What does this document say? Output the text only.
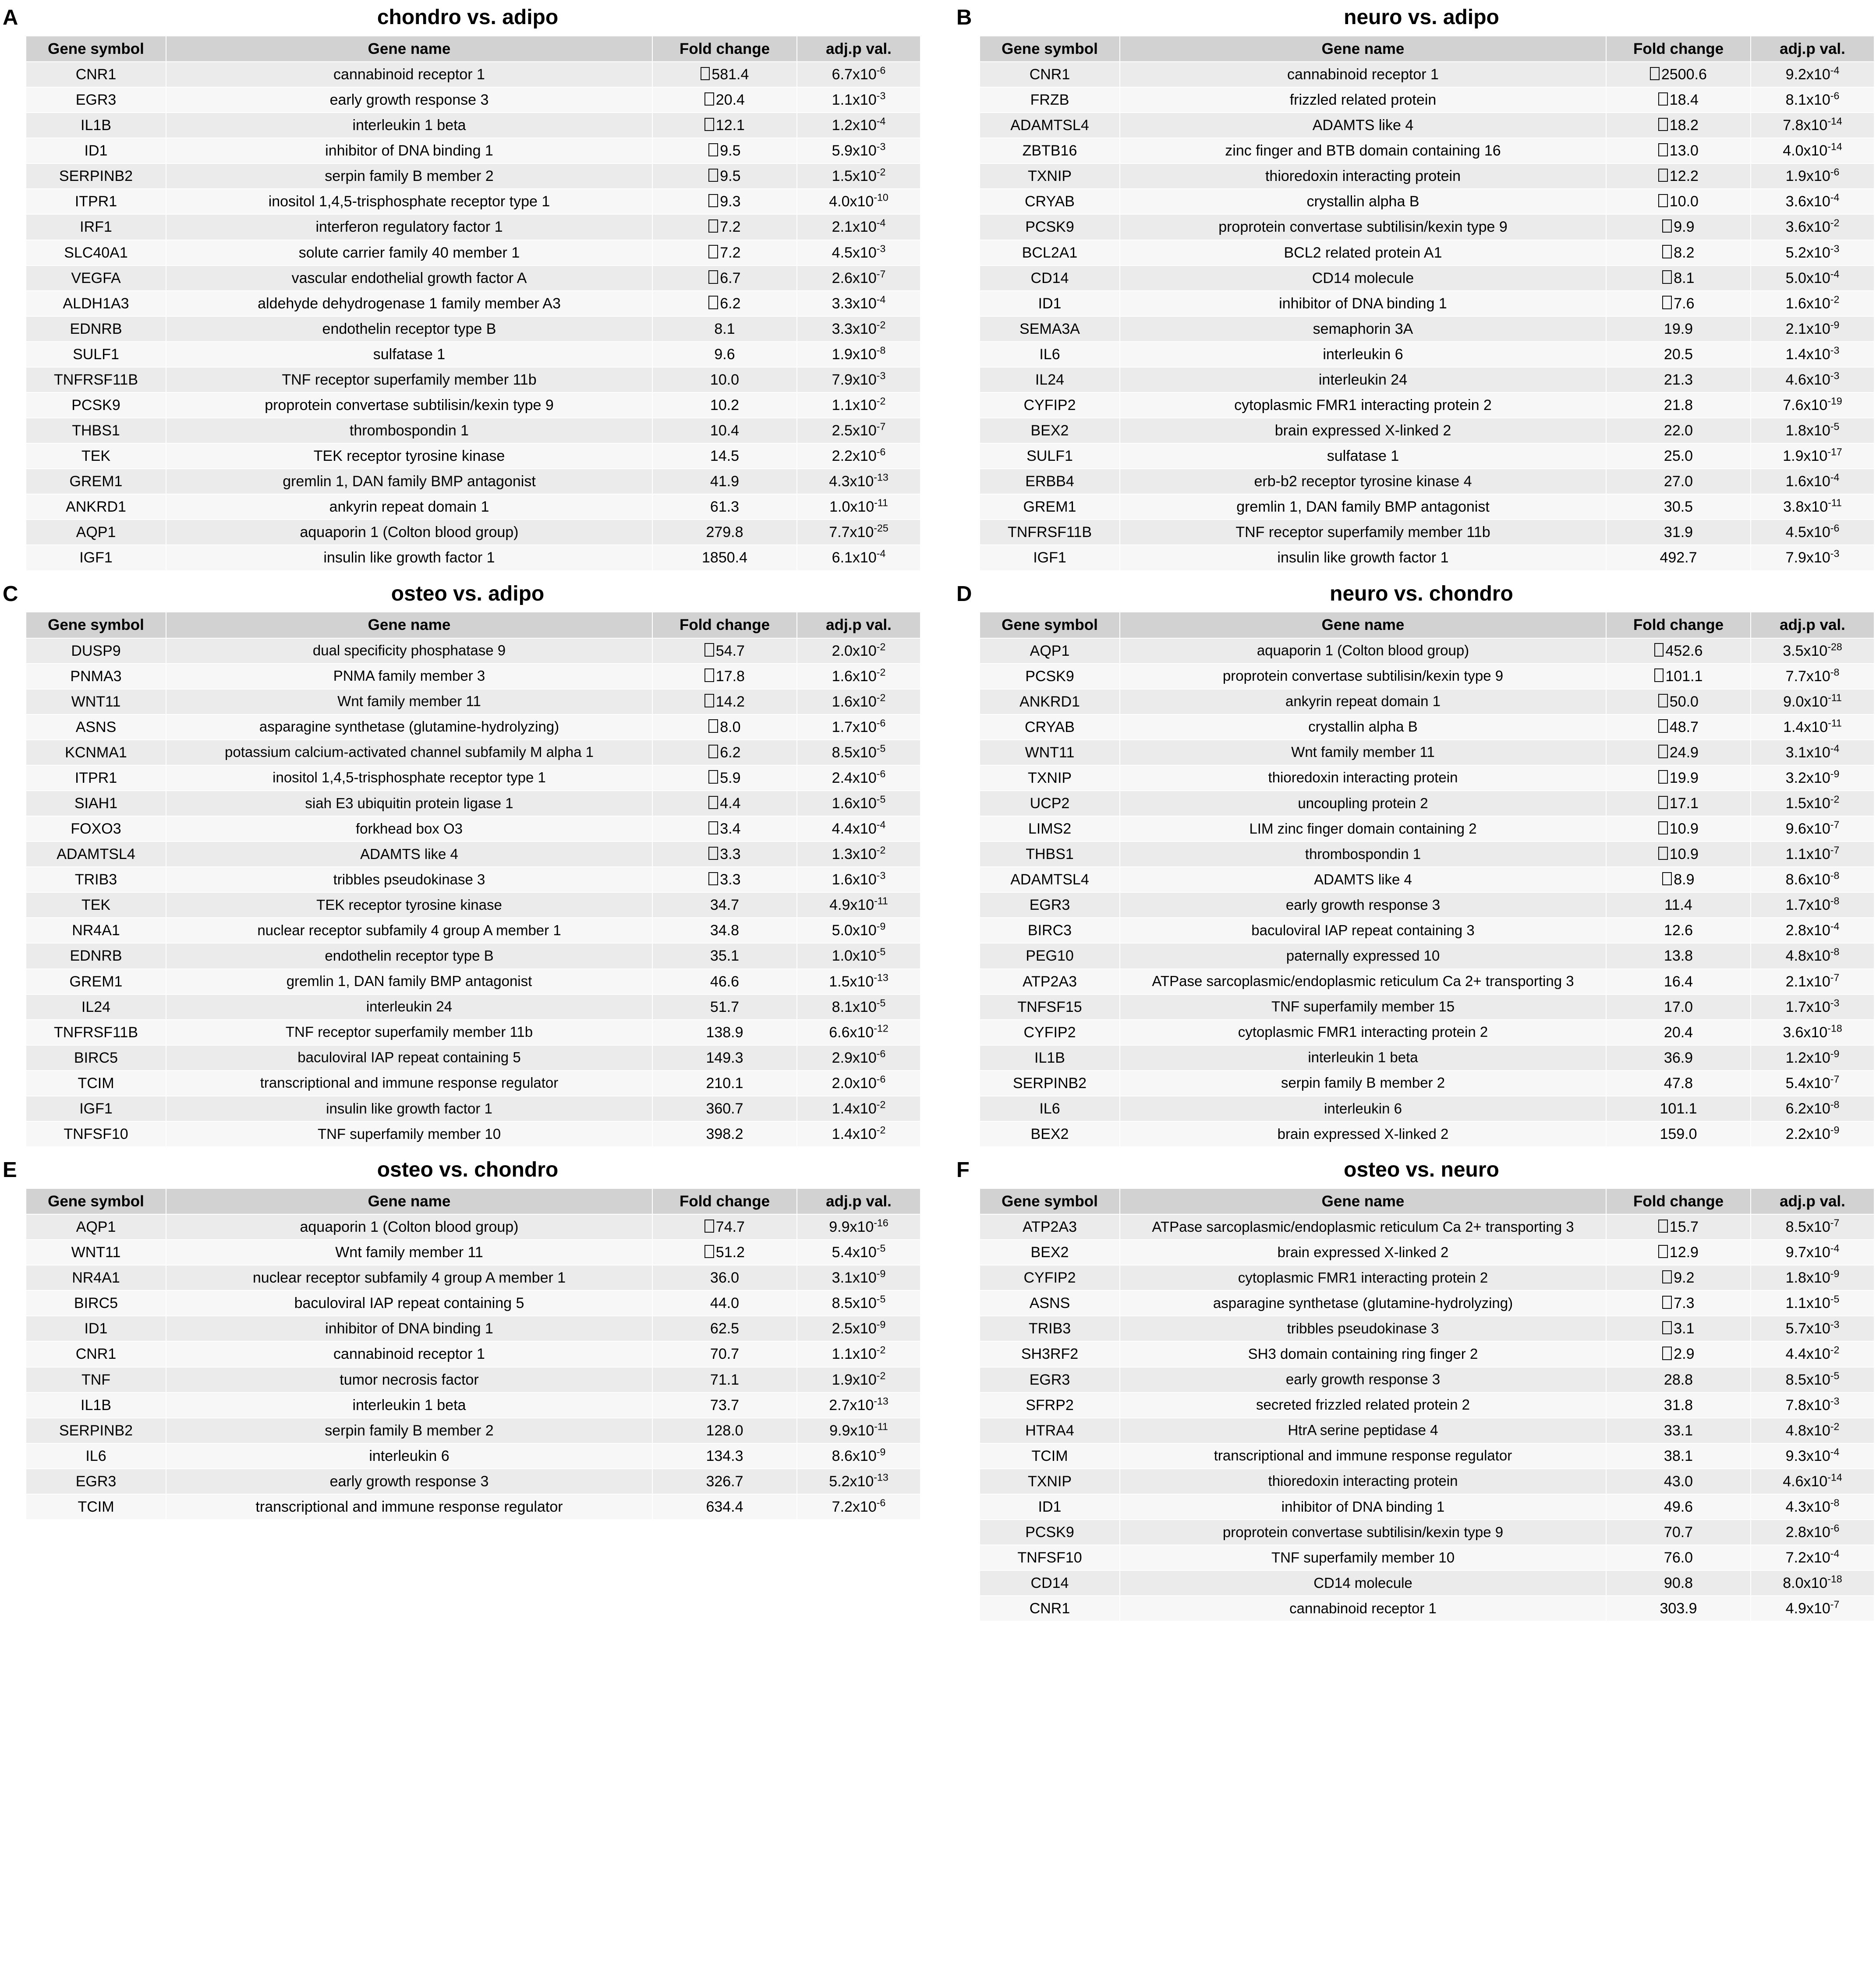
A	chondro vs. adipo
Gene symbol	Gene name	Fold change	adj.p val.
CNR1	cannabinoid receptor 1	581.4	$6.7x10^{-6}$
EGR3	early growth response 3	20.4	$1.1x10^{-3}$
IL1B	interleukin 1 beta	12.1	$1.2x10^{-4}$
ID1	inhibitor of DNA binding 1	9.5	$5.9x10^{-3}$
SERPINB2	serpin family B member 2	9.5	$1.5x10^{-2}$
ITPR1	inositol 1,4,5‐trisphosphate receptor type 1	9.3	$4.0x10^{-10}$
IRF1	interferon regulatory factor 1	7.2	$2.1x10^{-4}$
SLC40A1	solute carrier family 40 member 1	7.2	$4.5x10^{-3}$
VEGFA	vascular endothelial growth factor A	6.7	$2.6x10^{-7}$
ALDH1A3	aldehyde dehydrogenase 1 family member A3	6.2	$3.3x10^{-4}$
EDNRB	endothelin receptor type B	8.1	$3.3x10^{-2}$
SULF1	sulfatase 1	9.6	$1.9x10^{-8}$
TNFRSF11B	TNF receptor superfamily member 11b	10.0	$7.9x10^{-3}$
PCSK9	proprotein convertase subtilisin/kexin type 9	10.2	$1.1x10^{-2}$
THBS1	thrombospondin 1	10.4	$2.5x10^{-7}$
TEK	TEK receptor tyrosine kinase	14.5	$2.2x10^{-6}$
GREM1	gremlin 1, DAN family BMP antagonist	41.9	$4.3x10^{-13}$
ANKRD1	ankyrin repeat domain 1	61.3	$1.0x10^{-11}$
AQP1	aquaporin 1 (Colton blood group)	279.8	$7.7x10^{-25}$
IGF1	insulin like growth factor 1	1850.4	$6.1x10^{-4}$
B	neuro vs. adipo
Gene symbol	Gene name	Fold change	adj.p val.
CNR1	cannabinoid receptor 1	2500.6	$9.2x10^{-4}$
FRZB	frizzled related protein	18.4	$8.1x10^{-6}$
ADAMTSL4	ADAMTS like 4	18.2	$7.8x10^{-14}$
ZBTB16	zinc finger and BTB domain containing 16	13.0	$4.0x10^{-14}$
TXNIP	thioredoxin interacting protein	12.2	$1.9x10^{-6}$
CRYAB	crystallin alpha B	10.0	$3.6x10^{-4}$
PCSK9	proprotein convertase subtilisin/kexin type 9	9.9	$3.6x10^{-2}$
BCL2A1	BCL2 related protein A1	8.2	$5.2x10^{-3}$
CD14	CD14 molecule	8.1	$5.0x10^{-4}$
ID1	inhibitor of DNA binding 1	7.6	$1.6x10^{-2}$
SEMA3A	semaphorin 3A	19.9	$2.1x10^{-9}$
IL6	interleukin 6	20.5	$1.4x10^{-3}$
IL24	interleukin 24	21.3	$4.6x10^{-3}$
CYFIP2	cytoplasmic FMR1 interacting protein 2	21.8	$7.6x10^{-19}$
BEX2	brain expressed X‐linked 2	22.0	$1.8x10^{-5}$
SULF1	sulfatase 1	25.0	$1.9x10^{-17}$
ERBB4	erb‐b2 receptor tyrosine kinase 4	27.0	$1.6x10^{-4}$
GREM1	gremlin 1, DAN family BMP antagonist	30.5	$3.8x10^{-11}$
TNFRSF11B	TNF receptor superfamily member 11b	31.9	$4.5x10^{-6}$
IGF1	insulin like growth factor 1	492.7	$7.9x10^{-3}$
C	osteo vs. adipo
Gene symbol	Gene name	Fold change	adj.p val.
DUSP9	dual specificity phosphatase 9	54.7	$2.0x10^{-2}$
PNMA3	PNMA family member 3	17.8	$1.6x10^{-2}$
WNT11	Wnt family member 11	14.2	$1.6x10^{-2}$
ASNS	asparagine synthetase (glutamine‐hydrolyzing)	8.0	$1.7x10^{-6}$
KCNMA1	potassium calcium‐activated channel subfamily M alpha 1	6.2	$8.5x10^{-5}$
ITPR1	inositol 1,4,5‐trisphosphate receptor type 1	5.9	$2.4x10^{-6}$
SIAH1	siah E3 ubiquitin protein ligase 1	4.4	$1.6x10^{-5}$
FOXO3	forkhead box O3	3.4	$4.4x10^{-4}$
ADAMTSL4	ADAMTS like 4	3.3	$1.3x10^{-2}$
TRIB3	tribbles pseudokinase 3	3.3	$1.6x10^{-3}$
TEK	TEK receptor tyrosine kinase	34.7	$4.9x10^{-11}$
NR4A1	nuclear receptor subfamily 4 group A member 1	34.8	$5.0x10^{-9}$
EDNRB	endothelin receptor type B	35.1	$1.0x10^{-5}$
GREM1	gremlin 1, DAN family BMP antagonist	46.6	$1.5x10^{-13}$
IL24	interleukin 24	51.7	$8.1x10^{-5}$
TNFRSF11B	TNF receptor superfamily member 11b	138.9	$6.6x10^{-12}$
BIRC5	baculoviral IAP repeat containing 5	149.3	$2.9x10^{-6}$
TCIM	transcriptional and immune response regulator	210.1	$2.0x10^{-6}$
IGF1	insulin like growth factor 1	360.7	$1.4x10^{-2}$
TNFSF10	TNF superfamily member 10	398.2	$1.4x10^{-2}$
D	neuro vs. chondro
Gene symbol	Gene name	Fold change	adj.p val.
AQP1	aquaporin 1 (Colton blood group)	452.6	$3.5x10^{-28}$
PCSK9	proprotein convertase subtilisin/kexin type 9	101.1	$7.7x10^{-8}$
ANKRD1	ankyrin repeat domain 1	50.0	$9.0x10^{-11}$
CRYAB	crystallin alpha B	48.7	$1.4x10^{-11}$
WNT11	Wnt family member 11	24.9	$3.1x10^{-4}$
TXNIP	thioredoxin interacting protein	19.9	$3.2x10^{-9}$
UCP2	uncoupling protein 2	17.1	$1.5x10^{-2}$
LIMS2	LIM zinc finger domain containing 2	10.9	$9.6x10^{-7}$
THBS1	thrombospondin 1	10.9	$1.1x10^{-7}$
ADAMTSL4	ADAMTS like 4	8.9	$8.6x10^{-8}$
EGR3	early growth response 3	11.4	$1.7x10^{-8}$
BIRC3	baculoviral IAP repeat containing 3	12.6	$2.8x10^{-4}$
PEG10	paternally expressed 10	13.8	$4.8x10^{-8}$
ATP2A3	ATPase sarcoplasmic/endoplasmic reticulum Ca 2+ transporting 3	16.4	$2.1x10^{-7}$
TNFSF15	TNF superfamily member 15	17.0	$1.7x10^{-3}$
CYFIP2	cytoplasmic FMR1 interacting protein 2	20.4	$3.6x10^{-18}$
IL1B	interleukin 1 beta	36.9	$1.2x10^{-9}$
SERPINB2	serpin family B member 2	47.8	$5.4x10^{-7}$
IL6	interleukin 6	101.1	$6.2x10^{-8}$
BEX2	brain expressed X‐linked 2	159.0	$2.2x10^{-9}$
E	osteo vs. chondro
Gene symbol	Gene name	Fold change	adj.p val.
AQP1	aquaporin 1 (Colton blood group)	74.7	$9.9x10^{-16}$
WNT11	Wnt family member 11	51.2	$5.4x10^{-5}$
NR4A1	nuclear receptor subfamily 4 group A member 1	36.0	$3.1x10^{-9}$
BIRC5	baculoviral IAP repeat containing 5	44.0	$8.5x10^{-5}$
ID1	inhibitor of DNA binding 1	62.5	$2.5x10^{-9}$
CNR1	cannabinoid receptor 1	70.7	$1.1x10^{-2}$
TNF	tumor necrosis factor	71.1	$1.9x10^{-2}$
IL1B	interleukin 1 beta	73.7	$2.7x10^{-13}$
SERPINB2	serpin family B member 2	128.0	$9.9x10^{-11}$
IL6	interleukin 6	134.3	$8.6x10^{-9}$
EGR3	early growth response 3	326.7	$5.2x10^{-13}$
TCIM	transcriptional and immune response regulator	634.4	$7.2x10^{-6}$
F	osteo vs. neuro
Gene symbol	Gene name	Fold change	adj.p val.
ATP2A3	ATPase sarcoplasmic/endoplasmic reticulum Ca 2+ transporting 3	15.7	$8.5x10^{-7}$
BEX2	brain expressed X‐linked 2	12.9	$9.7x10^{-4}$
CYFIP2	cytoplasmic FMR1 interacting protein 2	9.2	$1.8x10^{-9}$
ASNS	asparagine synthetase (glutamine‐hydrolyzing)	7.3	$1.1x10^{-5}$
TRIB3	tribbles pseudokinase 3	3.1	$5.7x10^{-3}$
SH3RF2	SH3 domain containing ring finger 2	2.9	$4.4x10^{-2}$
EGR3	early growth response 3	28.8	$8.5x10^{-5}$
SFRP2	secreted frizzled related protein 2	31.8	$7.8x10^{-3}$
HTRA4	HtrA serine peptidase 4	33.1	$4.8x10^{-2}$
TCIM	transcriptional and immune response regulator	38.1	$9.3x10^{-4}$
TXNIP	thioredoxin interacting protein	43.0	$4.6x10^{-14}$
ID1	inhibitor of DNA binding 1	49.6	$4.3x10^{-8}$
PCSK9	proprotein convertase subtilisin/kexin type 9	70.7	$2.8x10^{-6}$
TNFSF10	TNF superfamily member 10	76.0	$7.2x10^{-4}$
CD14	CD14 molecule	90.8	$8.0x10^{-18}$
CNR1	cannabinoid receptor 1	303.9	$4.9x10^{-7}$
